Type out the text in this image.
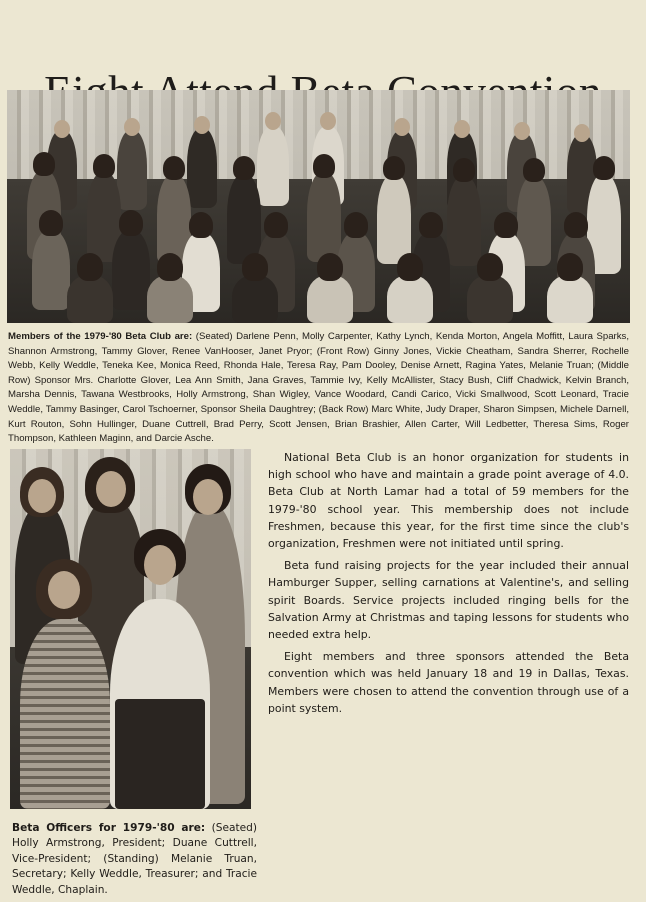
Members of the 1979-'80 Beta Club are: (Seated) Darlene Penn, Molly Carpenter, Kathy Lynch, Kenda Morton, Angela Moffitt, Laura Sparks, Shannon Armstrong, Tammy Glover, Renee VanHooser, Janet Pryor; (Front Row) Ginny Jones, Vickie Cheatham, Sandra Sherrer, Rochelle Webb, Kelly Weddle, Teneka Kee, Monica Reed, Rhonda Hale, Teresa Ray, Pam Dooley, Denise Arnett, Ragina Yates, Melanie Truan; (Middle Row) Sponsor Mrs. Charlotte Glover, Lea Ann Smith, Jana Graves, Tammie Ivy, Kelly McAllister, Stacy Bush, Cliff Chadwick, Kelvin Branch, Marsha Dennis, Tawana Westbrooks, Holly Armstrong, Shan Wigley, Vance Woodard, Candi Carico, Vicki Smallwood, Scott Leonard, Tracie Weddle, Tammy Basinger, Carol Tschoerner, Sponsor Sheila Daughtrey; (Back Row) Marc White, Judy Draper, Sharon Simpsen, Michele Darnell, Kurt Routon, Sohn Hullinger, Duane Cuttrell, Brad Perry, Scott Jensen, Brian Brashier, Allen Carter, Will Ledbetter, Theresa Sims, Roger Thompson, Kathleen Maginn, and Darcie Asche.

National Beta Club is an honor organization for students in high school who have and maintain a grade point average of 4.0. Beta Club at North Lamar had a total of 59 members for the 1979-'80 school year. This membership does not include Freshmen, because this year, for the first time since the club's organization, Freshmen were not initiated until spring.

Beta fund raising projects for the year included their annual Hamburger Supper, selling carnations at Valentine's, and selling spirit Boards. Service projects included ringing bells for the Salvation Army at Christmas and taping lessons for students who needed extra help.

Eight members and three sponsors attended the Beta convention which was held January 18 and 19 in Dallas, Texas. Members were chosen to attend the convention through use of a point system.

Beta Officers for 1979-'80 are: (Seated) Holly Armstrong, President; Duane Cuttrell, Vice-President; (Standing) Melanie Truan, Secretary; Kelly Weddle, Treasurer; and Tracie Weddle, Chaplain.
